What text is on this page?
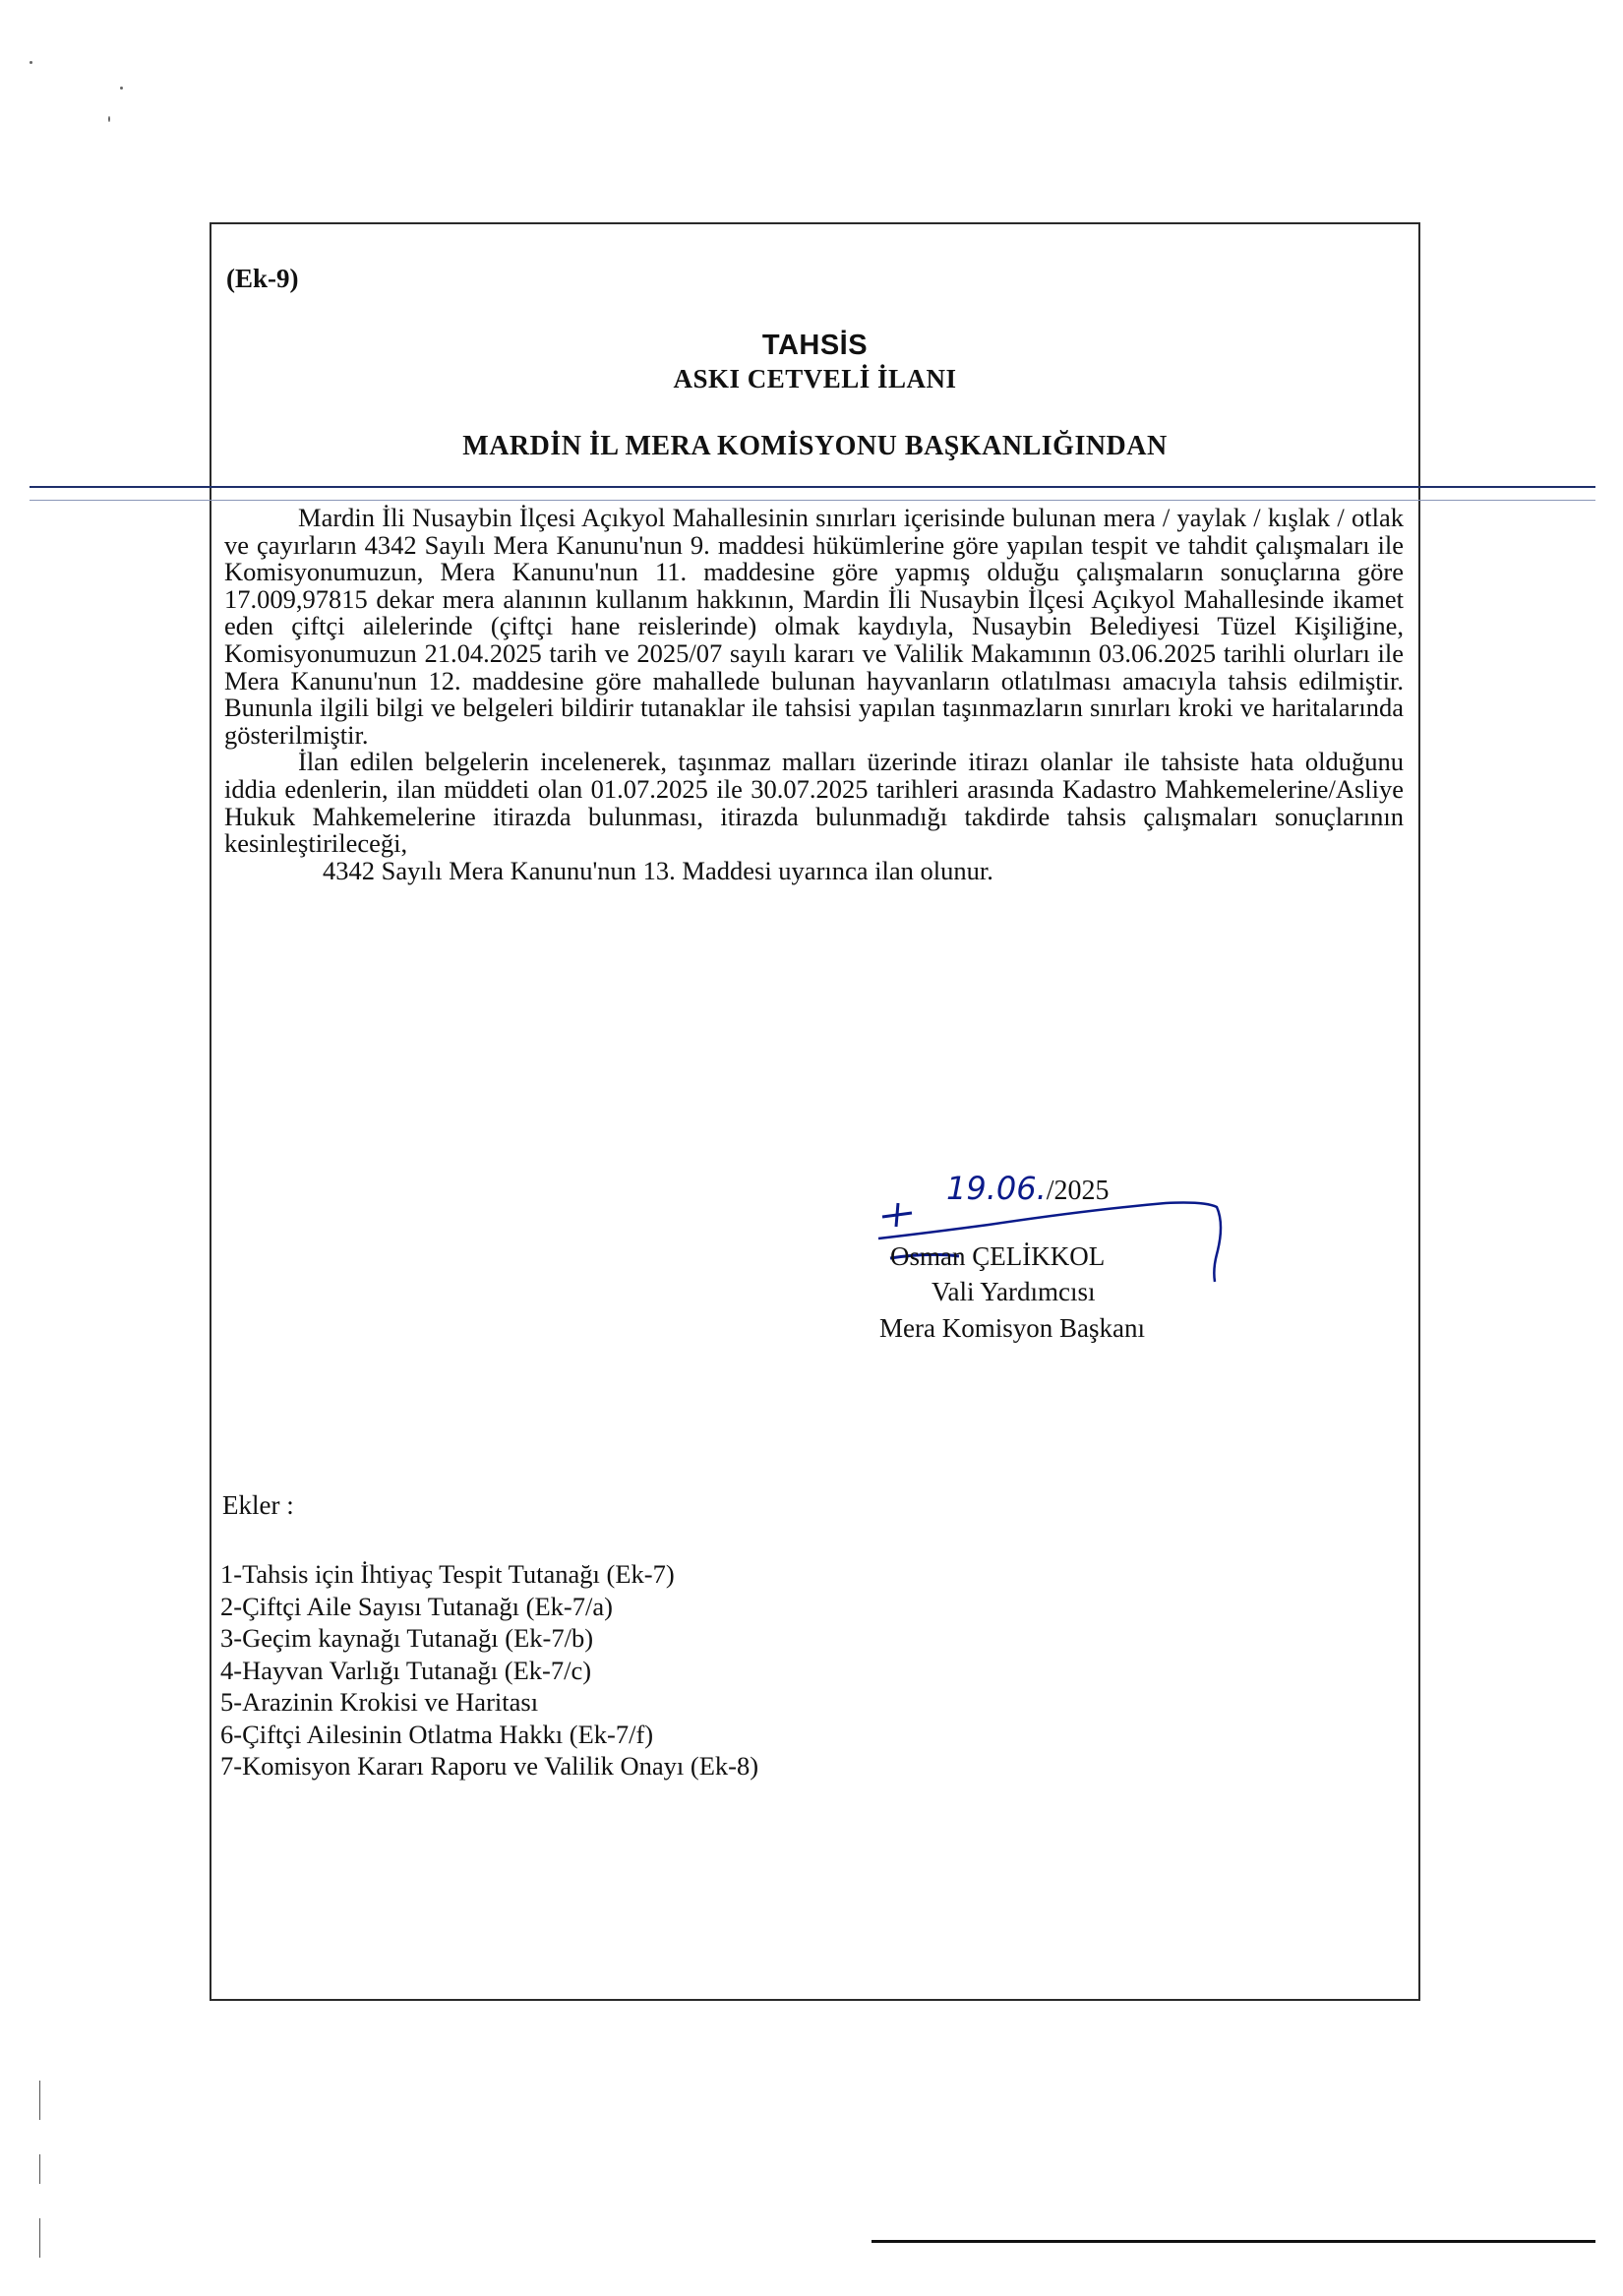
(Ek-9)
TAHSİS
ASKI CETVELİ İLANI
MARDİN İL MERA KOMİSYONU BAŞKANLIĞINDAN

Mardin İli Nusaybin İlçesi Açıkyol Mahallesinin sınırları içerisinde bulunan mera / yaylak / kışlak / otlak ve çayırların 4342 Sayılı Mera Kanunu'nun 9. maddesi hükümlerine göre yapılan tespit ve tahdit çalışmaları ile Komisyonumuzun, Mera Kanunu'nun 11. maddesine göre yapmış olduğu çalışmaların sonuçlarına göre 17.009,97815 dekar mera alanının kullanım hakkının, Mardin İli Nusaybin İlçesi Açıkyol Mahallesinde ikamet eden çiftçi ailelerinde (çiftçi hane reislerinde) olmak kaydıyla, Nusaybin Belediyesi Tüzel Kişiliğine, Komisyonumuzun 21.04.2025 tarih ve 2025/07 sayılı kararı ve Valilik Makamının 03.06.2025 tarihli olurları ile Mera Kanunu'nun 12. maddesine göre mahallede bulunan hayvanların otlatılması amacıyla tahsis edilmiştir. Bununla ilgili bilgi ve belgeleri bildirir tutanaklar ile tahsisi yapılan taşınmazların sınırları kroki ve haritalarında gösterilmiştir.

İlan edilen belgelerin incelenerek, taşınmaz malları üzerinde itirazı olanlar ile tahsiste hata olduğunu iddia edenlerin, ilan müddeti olan 01.07.2025 ile 30.07.2025 tarihleri arasında Kadastro Mahkemelerine/Asliye Hukuk Mahkemelerine itirazda bulunması, itirazda bulunmadığı takdirde tahsis çalışmaları sonuçlarının kesinleştirileceği,

4342 Sayılı Mera Kanunu'nun 13. Maddesi uyarınca ilan olunur.

19.06./2025
Osman ÇELİKKOL
Vali Yardımcısı
Mera Komisyon Başkanı
Ekler :
1-Tahsis için İhtiyaç Tespit Tutanağı (Ek-7)
2-Çiftçi Aile Sayısı Tutanağı (Ek-7/a)
3-Geçim kaynağı Tutanağı (Ek-7/b)
4-Hayvan Varlığı Tutanağı (Ek-7/c)
5-Arazinin Krokisi ve Haritası
6-Çiftçi Ailesinin Otlatma Hakkı (Ek-7/f)
7-Komisyon Kararı Raporu ve Valilik Onayı (Ek-8)
